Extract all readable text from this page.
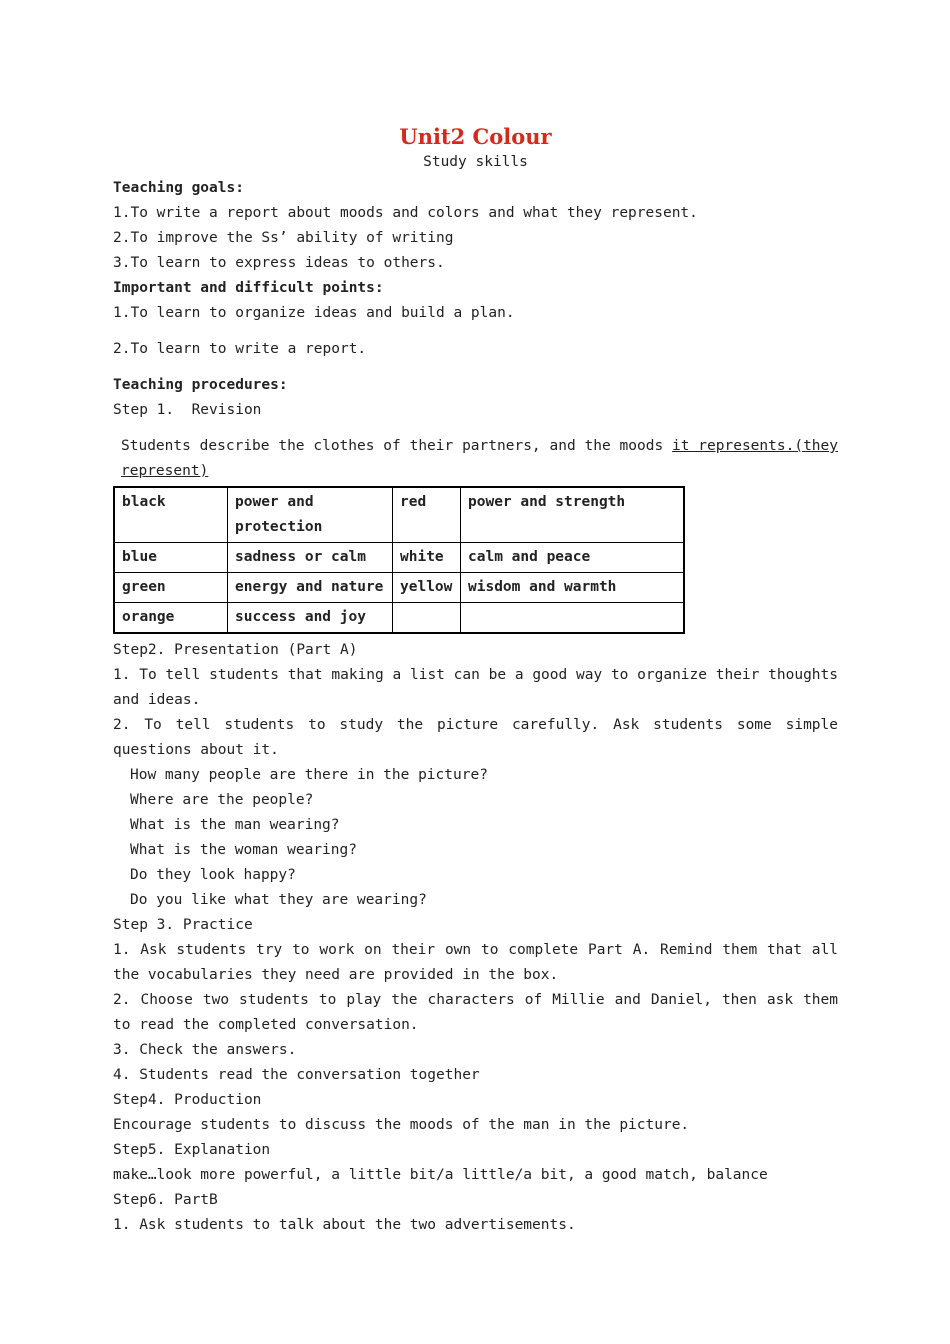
Unit2 Colour
Study skills
Teaching goals:
1.To write a report about moods and colors and what they represent.
2.To improve the Ss’ ability of writing
3.To learn to express ideas to others.
Important and difficult points:
1.To learn to organize ideas and build a plan.
2.To learn to write a report.
Teaching procedures:
Step 1.  Revision
Students describe the clothes of their partners, and the moods it represents.(they represent)
black	power and protection	red	power and strength
blue	sadness or calm	white	calm and peace
green	energy and nature	yellow	wisdom and warmth
orange	success and joy		
Step2. Presentation (Part A)
1. To tell students that making a list can be a good way to organize their thoughts and ideas.
2. To tell students to study the picture carefully. Ask students some simple questions about it.
How many people are there in the picture?
Where are the people?
What is the man wearing?
What is the woman wearing?
Do they look happy?
Do you like what they are wearing?
Step 3. Practice
1. Ask students try to work on their own to complete Part A. Remind them that all the vocabularies they need are provided in the box.
2. Choose two students to play the characters of Millie and Daniel, then ask them to read the completed conversation.
3. Check the answers.
4. Students read the conversation together
Step4. Production
Encourage students to discuss the moods of the man in the picture.
Step5. Explanation
make…look more powerful, a little bit/a little/a bit, a good match, balance
Step6. PartB
1. Ask students to talk about the two advertisements.
